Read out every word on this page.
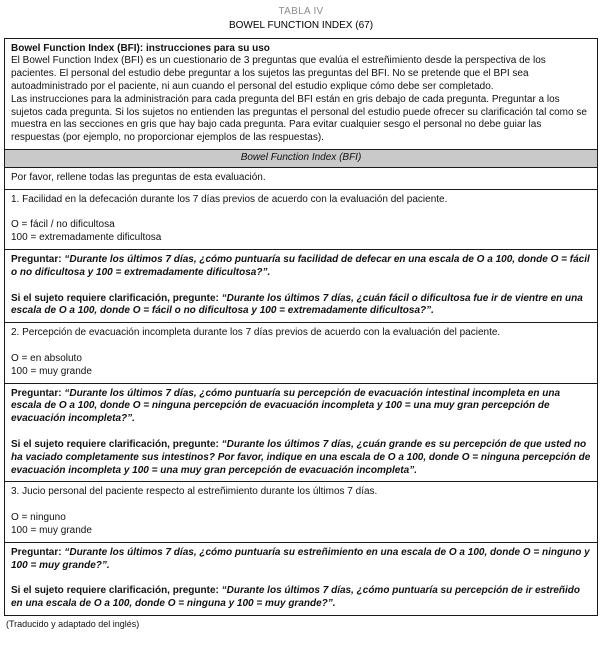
TABLA IV
BOWEL FUNCTION INDEX (67)
Bowel Function Index (BFI): instrucciones para su uso
El Bowel Function Index (BFI) es un cuestionario de 3 preguntas que evalúa el estreñimiento desde la perspectiva de los pacientes. El personal del estudio debe preguntar a los sujetos las preguntas del BFI. No se pretende que el BPI sea autoadministrado por el paciente, ni aun cuando el personal del estudio explique cómo debe ser completado.
Las instrucciones para la administración para cada pregunta del BFI están en gris debajo de cada pregunta. Preguntar a los sujetos cada pregunta. Si los sujetos no entienden las preguntas el personal del estudio puede ofrecer su clarificación tal como se muestra en las secciones en gris que hay bajo cada pregunta. Para evitar cualquier sesgo el personal no debe guiar las respuestas (por ejemplo, no proporcionar ejemplos de las respuestas).
Bowel Function Index (BFI)
Por favor, rellene todas las preguntas de esta evaluación.
1. Facilidad en la defecación durante los 7 días previos de acuerdo con la evaluación del paciente.
O = fácil / no dificultosa
100 = extremadamente dificultosa

Preguntar: “Durante los últimos 7 días, ¿cómo puntuaría su facilidad de defecar en una escala de O a 100, donde O = fácil o no dificultosa y 100 = extremadamente dificultosa?”.

Si el sujeto requiere clarificación, pregunte: “Durante los últimos 7 días, ¿cuán fácil o dificultosa fue ir de vientre en una escala de O a 100, donde O = fácil o no dificultosa y 100 = extremadamente dificultosa?”.

2. Percepción de evacuación incompleta durante los 7 días previos de acuerdo con la evaluación del paciente.
O = en absoluto
100 = muy grande

Preguntar: “Durante los últimos 7 días, ¿cómo puntuaría su percepción de evacuación intestinal incompleta en una escala de O a 100, donde O = ninguna percepción de evacuación incompleta y 100 = una muy gran percepción de evacuación incompleta?”.

Si el sujeto requiere clarificación, pregunte: “Durante los últimos 7 días, ¿cuán grande es su percepción de que usted no ha vaciado completamente sus intestinos? Por favor, indique en una escala de O a 100, donde O = ninguna percepción de evacuación incompleta y 100 = una muy gran percepción de evacuación incompleta”.

3. Jucio personal del paciente respecto al estreñimiento durante los últimos 7 días.
O = ninguno
100 = muy grande

Preguntar: “Durante los últimos 7 días, ¿cómo puntuaría su estreñimiento en una escala de O a 100, donde O = ninguno y 100 = muy grande?”.

Si el sujeto requiere clarificación, pregunte: “Durante los últimos 7 días, ¿cómo puntuaría su percepción de ir estreñido en una escala de O a 100, donde O = ninguna y 100 = muy grande?”.

(Traducido y adaptado del inglés)
